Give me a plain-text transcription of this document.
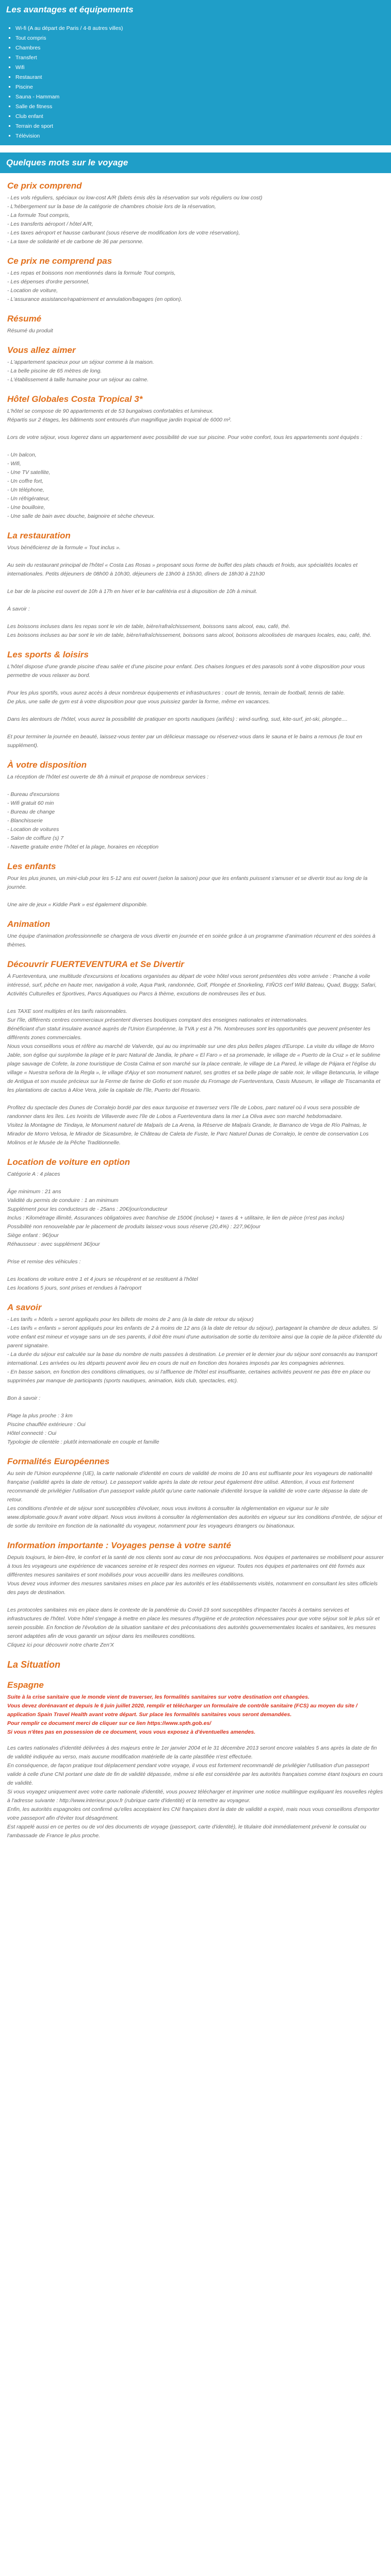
Les avantages et équipements
▪ Wi-fi (A au départ de Paris / 4-8 autres villes)
▪ Tout compris
▪ Chambres
▪ Transfert
▪ Wifi
▪ Restaurant
▪ Piscine
▪ Sauna - Hammam
▪ Salle de fitness
▪ Club enfant
▪ Terrain de sport
▪ Télévision
Quelques mots sur le voyage
Ce prix comprend
- Les vols réguliers, spéciaux ou low-cost A/R (bilets émis dès la réservation sur vols réguliers ou low cost)
- L'hébergement sur la base de la catégorie de chambres choisie lors de la réservation,
- La formule Tout compris,
- Les transferts aéroport / hôtel A/R,
- Les taxes aéroport et hausse carburant (sous réserve de modification lors de votre réservation),
- La taxe de solidarité et de carbone de 36 par personne.
Ce prix ne comprend pas
- Les repas et boissons non mentionnés dans la formule Tout compris,
- Les dépenses d'ordre personnel,
- Location de voiture,
- L'assurance assistance/rapatriement et annulation/bagages (en option).
Résumé
Résumé du produit
Vous allez aimer
- L'appartement spacieux pour un séjour comme à la maison.
- La belle piscine de 65 mètres de long.
- L'établissement à taille humaine pour un séjour au calme.
Hôtel Globales Costa Tropical 3*
L'hôtel se compose de 90 appartements et de 53 bungalows confortables et lumineux.
Répartis sur 2 étages, les bâtiments sont entourés d'un magnifique jardin tropical de 6000 m².

Lors de votre séjour, vous logerez dans un appartement avec possibilité de vue sur piscine. Pour votre confort, tous les appartements sont équipés :

- Un balcon,
- Wifi,
- Une TV satellite,
- Un coffre fort,
- Un téléphone,
- Un réfrigérateur,
- Une bouilloire,
- Une salle de bain avec douche, baignoire et sèche cheveux.
La restauration
Vous bénéficierez de la formule « Tout inclus ».

Au sein du restaurant principal de l'hôtel « Costa Las Rosas » proposant sous forme de buffet des plats chauds et froids, aux spécialités locales et internationales. Petits déjeuners de 08h00 à 10h30, déjeuners de 13h00 à 15h30, dîners de 18h30 à 21h30

Le bar de la piscine est ouvert de 10h à 17h en hiver et le bar-cafétéria est à disposition de 10h à minuit.

À savoir :

Les boissons incluses dans les repas sont le vin de table, bière/rafraîchissement, boissons sans alcool, eau, café, thé.
Les boissons incluses au bar sont le vin de table, bière/rafraîchissement, boissons sans alcool, boissons alcoolisées de marques locales, eau, café, thé.
Les sports & loisirs
L'hôtel dispose d'une grande piscine d'eau salée et d'une piscine pour enfant. Des chaises longues et des parasols sont à votre disposition pour vous permettre de vous relaxer au bord.

Pour les plus sportifs, vous aurez accès à deux nombreux équipements et infrastructures : court de tennis, terrain de football, tennis de table.
De plus, une salle de gym est à votre disposition pour que vous puissiez garder la forme, même en vacances.

Dans les alentours de l'hôtel, vous aurez la possibilité de pratiquer en sports nautiques (arifiés) : wind-surfing, sud, kite-surf, jet-ski, plongée....

Et pour terminer la journée en beauté, laissez-vous tenter par un délicieux massage ou réservez-vous dans le sauna et le bains a remous (le tout en supplément).
À votre disposition
La réception de l'hôtel est ouverte de 8h à minuit et propose de nombreux services :

- Bureau d'excursions
- Wifi gratuit 60 min
- Bureau de change
- Blanchisserie
- Location de voitures
- Salon de coiffure (s) 7
- Navette gratuite entre l'hôtel et la plage, horaires en réception
Les enfants
Pour les plus jeunes, un mini-club pour les 5-12 ans est ouvert (selon la saison) pour que les enfants puissent s'amuser et se divertir tout au long de la journée.

Une aire de jeux « Kiddie Park » est également disponible.
Animation
Une équipe d'animation professionnelle se chargera de vous divertir en journée et en soirée grâce à un programme d'animation récurrent et des soirées à thèmes.
Découvrir FUERTEVENTURA et Se Divertir
À Fuerteventura, une multitude d'excursions et locations organisées au départ de votre hôtel vous seront présentées dès votre arrivée : Pranche à voile intéressé, surf, pêche en haute mer, navigation à voile, Aqua Park, randonnée, Golf, Plongée et Snorkeling, FIÑOS cerf Wild Bateau, Quad, Buggy, Safari, Activités Culturelles et Sportives, Parcs Aquatiques ou Parcs à thème, excutions de nombreuses îles et bus.

Les TAXE sont multiples et les tarifs raisonnables.
Sur l'île, différents centres commerciaux présentent diverses boutiques comptant des enseignes nationales et internationales.
Bénéficiant d'un statut insulaire avancé auprès de l'Union Européenne, la TVA y est à 7%. Nombreuses sont les opportunités que peuvent présenter les différents zones commerciales.
Nous vous conseillons vous et réfère au marché de Valverde, qui au ou imprimable sur une des plus belles plages d'Europe. La visite du village de Morro Jable, son église qui surplombe la plage et le parc Natural de Jandia, le phare « El Faro » et sa promenade, le village de « Puerto de la Cruz » et le sublime plage sauvage de Cofete, la zone touristique de Costa Calma et son marché sur la place centrale, le village de La Pared, le village de Pájara et l'église du village « Nuestra señora de la Regla », le village d'Ajuy et son monument naturel, ses grottes et sa belle plage de sable noir, le village Betancuria, le village de Antigua et son musée précieux sur la Ferme de farine de Gofio et son musée du Fromage de Fuerteventura, Oasis Museum, le village de Tiscamanita et les plantations de cactus à Aloe Vera, jolie la capitale de l'île, Puerto del Rosario.

Profitez du spectacle des Dunes de Corralejo bordé par des eaux turquoise et traversez vers l'île de Lobos, parc naturel où il vous sera possible de randonner dans les îles. Les Ivoirits de Villaverde avec l'île de Lobos a Fuerteventura dans la mer La Oliva avec son marché hebdomadaire.
Visitez la Montagne de Tindaya, le Monument naturel de Malpaís de La Arena, la Réserve de Malpaís Grande, le Barranco de Vega de Río Palmas, le Mirador de Morro Velosa, le Mirador de Sicasumbre, le Château de Caleta de Fuste, le Parc Naturel Dunas de Corralejo, le centre de conservation Los Molinos et le Musée de la Pêche Traditionnelle.
Location de voiture en option
Catégorie A : 4 places

Âge minimum : 21 ans
Validité du permis de conduire : 1 an minimum
Supplément pour les conducteurs de - 25ans : 20€/jour/conducteur
Inclus : Kilométrage illimité, Assurances obligatoires avec franchise de 1500€ (incluse) + taxes & + utilitaire, le lien de pièce (n'est pas inclus)
Possibilité non renouvelable par le placement de produits laissez-vous sous réserve (20,4%) : 227,9€/jour
Siège enfant : 9€/jour
Réhausseur : avec supplément 3€/jour

Prise et remise des véhicules :

Les locations de voiture entre 1 et 4 jours se récupèrent et se restituent à l'hôtel
Les locations 5 jours, sont prises et rendues à l'aéroport
A savoir
- Les tarifs « hôtels » seront appliqués pour les billets de moins de 2 ans (à la date de retour du séjour)
- Les tarifs « enfants » seront appliqués pour les enfants de 2 à moins de 12 ans (à la date de retour du séjour), partageant la chambre de deux adultes. Si votre enfant est mineur et voyage sans un de ses parents, il doit être muni d'une autorisation de sortie du territoire ainsi que la copie de la pièce d'identité du parent signataire.
- La durée du séjour est calculée sur la base du nombre de nuits passées à destination. Le premier et le dernier jour du séjour sont consacrés au transport international. Les arrivées ou les départs peuvent avoir lieu en cours de nuit en fonction des horaires imposés par les compagnies aériennes.
- En basse saison, en fonction des conditions climatiques, ou si l'affluence de l'hôtel est insuffisante, certaines activités peuvent ne pas être en place ou supprimées par manque de participants (sports nautiques, animation, kids club, spectacles, etc).

Bon à savoir :

Plage la plus proche : 3 km
Piscine chauffée extérieure : Oui
Hôtel connecté : Oui
Typologie de clientèle : plutôt internationale en couple et famille
Formalités Européennes
Au sein de l'Union européenne (UE), la carte nationale d'identité en cours de validité de moins de 10 ans est suffisante pour les voyageurs de nationalité française (validité après la date de retour). Le passeport valide après la date de retour peut également être utilisé. Attention, il vous est fortement recommandé de privilégier l'utilisation d'un passeport valide plutôt qu'une carte nationale d'identité lorsque la validité de votre carte dépasse la date de retour.
Les conditions d'entrée et de séjour sont susceptibles d'évoluer, nous vous invitons à consulter la réglementation en vigueur sur le site www.diplomatie.gouv.fr avant votre départ. Nous vous invitons à consulter la réglementation des autorités en vigueur sur les conditions d'entrée, de séjour et de sortie du territoire en fonction de la nationalité du voyageur, notamment pour les voyageurs étrangers ou binationaux.
Information importante : Voyages pense à votre santé
Depuis toujours, le bien-être, le confort et la santé de nos clients sont au cœur de nos préoccupations. Nos équipes et partenaires se mobilisent pour assurer à tous les voyageurs une expérience de vacances sereine et le respect des normes en vigueur. Toutes nos équipes et partenaires ont été formés aux différentes mesures sanitaires et sont mobilisés pour vous accueillir dans les meilleures conditions.
Vous devez vous informer des mesures sanitaires mises en place par les autorités et les établissements visités, notamment en consultant les sites officiels des pays de destination.

Les protocoles sanitaires mis en place dans le contexte de la pandémie du Covid-19 sont susceptibles d'impacter l'accès à certains services et infrastructures de l'hôtel. Votre hôtel s'engage à mettre en place les mesures d'hygiène et de protection nécessaires pour que votre séjour soit le plus sûr et serein possible. En fonction de l'évolution de la situation sanitaire et des préconisations des autorités gouvernementales locales et sanitaires, les mesures seront adaptées afin de vous garantir un séjour dans les meilleures conditions.
Cliquez ici pour découvrir notre charte Zen'X
La Situation
Espagne
Suite à la crise sanitaire que le monde vient de traverser, les formalités sanitaires sur votre destination ont changées.
Vous devez dorénavant et depuis le 6 juin juillet 2020, remplir et télécharger un formulaire de contrôle sanitaire (FCS) au moyen du site / application Spain Travel Health avant votre départ. Sur place les formalités sanitaires vous seront demandées.
Pour remplir ce document merci de cliquer sur ce lien https://www.spth.gob.es/
Si vous n'êtes pas en possession de ce document, vous vous exposez à d'éventuelles amendes.
Les cartes nationales d'identité délivrées à des majeurs entre le 1er janvier 2004 et le 31 décembre 2013 seront encore valables 5 ans après la date de fin de validité indiquée au verso, mais aucune modification matérielle de la carte plastifiée n'est effectuée.
En conséquence, de façon pratique tout déplacement pendant votre voyage, il vous est fortement recommandé de privilégier l'utilisation d'un passeport valide à celle d'une CNI portant une date de fin de validité dépassée, même si elle est considérée par les autorités françaises comme étant toujours en cours de validité.
Si vous voyagez uniquement avec votre carte nationale d'identité, vous pouvez télécharger et imprimer une notice multilingue expliquant les nouvelles règles à l'adresse suivante : http://www.interieur.gouv.fr (rubrique carte d'identité) et la remettre au voyageur.
Enfin, les autorités espagnoles ont confirmé qu'elles acceptaient les CNI françaises dont la date de validité a expiré, mais nous vous conseillons d'emporter votre passeport afin d'éviter tout désagrément.
Est rappelé aussi en ce pertes ou de vol des documents de voyage (passeport, carte d'identité), le titulaire doit immédiatement prévenir le consulat ou l'ambassade de France le plus proche.
